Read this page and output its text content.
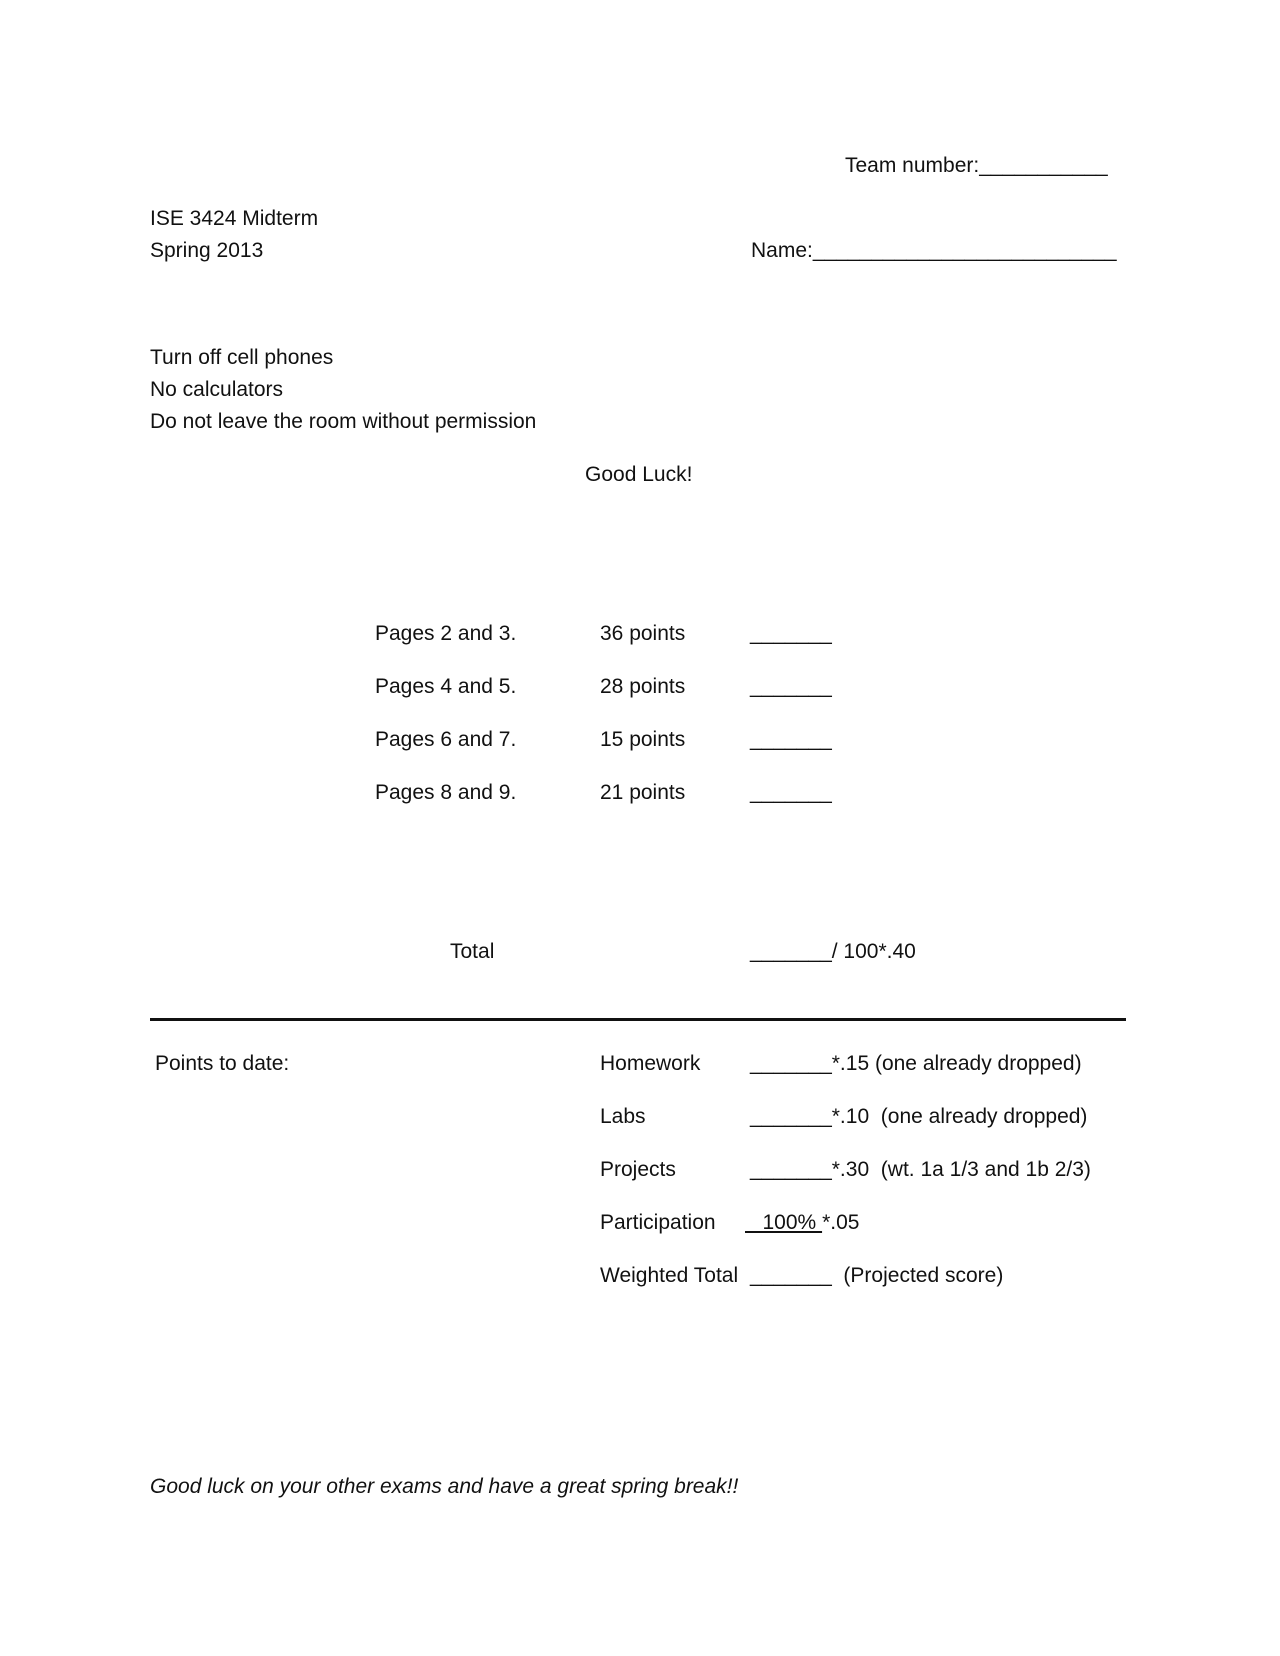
Team number:___________
ISE 3424 Midterm
Spring 2013	Name:__________________________
Turn off cell phones
No calculators
Do not leave the room without permission
Good Luck!
Pages 2 and 3.	36 points	_______
Pages 4 and 5.	28 points	_______
Pages 6 and 7.	15 points	_______
Pages 8 and 9.	21 points	_______
Total	_______/ 100*.40
Points to date:	Homework _______*.15 (one already dropped)
Labs	_______*.10  (one already dropped)
Projects	_______*.30  (wt. 1a 1/3 and 1b 2/3)
Participation 100% *.05
Weighted Total _______  (Projected score)
Good luck on your other exams and have a great spring break!!
